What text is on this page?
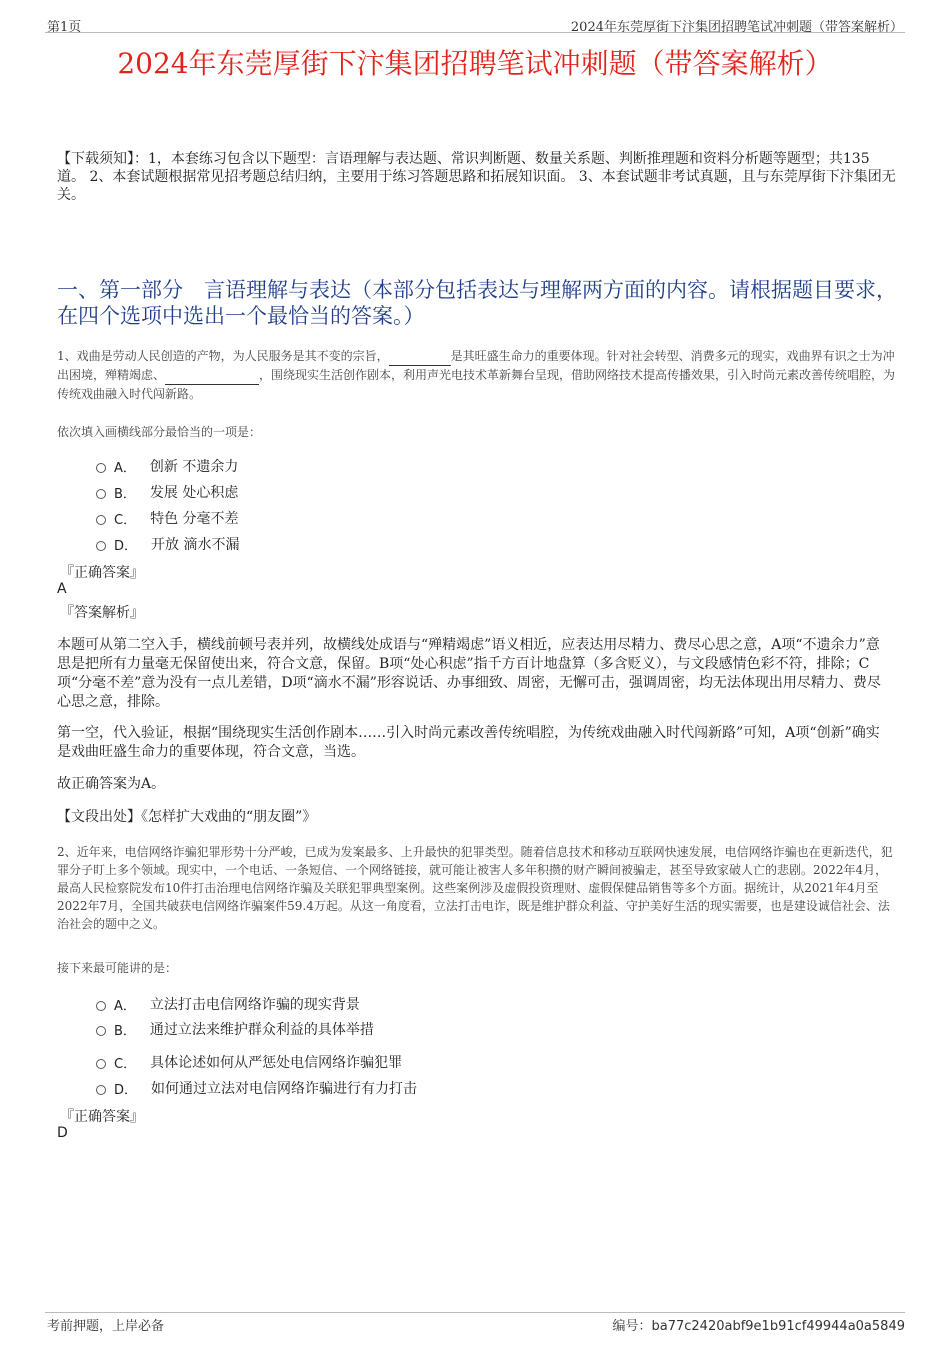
第1页	2024年东莞厚街下汴集团招聘笔试冲刺题（带答案解析）
2024年东莞厚街下汴集团招聘笔试冲刺题（带答案解析）
【下载须知】：1，本套练习包含以下题型：言语理解与表达题、常识判断题、数量关系题、判断推理题和资料分析题等题型；共135道。 2、本套试题根据常见招考题总结归纳，主要用于练习答题思路和拓展知识面。 3、本套试题非考试真题，且与东莞厚街下汴集团无关。
一、第一部分　言语理解与表达（本部分包括表达与理解两方面的内容。请根据题目要求，在四个选项中选出一个最恰当的答案。）
1、戏曲是劳动人民创造的产物，为人民服务是其不变的宗旨，	是其旺盛生命力的重要体现。针对社会转型、消费多元的现实，戏曲界有识之士为冲出困境，殚精竭虑、	，围绕现实生活创作剧本，利用声光电技术革新舞台呈现，借助网络技术提高传播效果，引入时尚元素改善传统唱腔，为传统戏曲融入时代闯新路。
依次填入画横线部分最恰当的一项是：
A． 创新 不遗余力
B． 发展 处心积虑
C． 特色 分毫不差
D． 开放 滴水不漏
『正确答案』
A
『答案解析』
本题可从第二空入手，横线前顿号表并列，故横线处成语与“殚精竭虑”语义相近，应表达用尽精力、费尽心思之意，A项“不遗余力”意思是把所有力量毫无保留使出来，符合文意，保留。B项“处心积虑”指千方百计地盘算（多含贬义），与文段感情色彩不符，排除；C项“分毫不差”意为没有一点儿差错，D项“滴水不漏”形容说话、办事细致、周密，无懈可击，强调周密，均无法体现出用尽精力、费尽心思之意，排除。
第一空，代入验证，根据“围绕现实生活创作剧本……引入时尚元素改善传统唱腔，为传统戏曲融入时代闯新路”可知，A项“创新”确实是戏曲旺盛生命力的重要体现，符合文意，当选。
故正确答案为A。
【文段出处】《怎样扩大戏曲的“朋友圈”》
2、近年来，电信网络诈骗犯罪形势十分严峻，已成为发案最多、上升最快的犯罪类型。随着信息技术和移动互联网快速发展，电信网络诈骗也在更新迭代，犯罪分子盯上多个领域。现实中，一个电话、一条短信、一个网络链接，就可能让被害人多年积攒的财产瞬间被骗走，甚至导致家破人亡的悲剧。2022年4月，最高人民检察院发布10件打击治理电信网络诈骗及关联犯罪典型案例。这些案例涉及虚假投资理财、虚假保健品销售等多个方面。据统计，从2021年4月至2022年7月，全国共破获电信网络诈骗案件59.4万起。从这一角度看，立法打击电诈，既是维护群众利益、守护美好生活的现实需要，也是建设诚信社会、法治社会的题中之义。
接下来最可能讲的是：
A． 立法打击电信网络诈骗的现实背景
B． 通过立法来维护群众利益的具体举措
C． 具体论述如何从严惩处电信网络诈骗犯罪
D． 如何通过立法对电信网络诈骗进行有力打击
『正确答案』
D
考前押题，上岸必备	编号：ba77c2420abf9e1b91cf49944a0a5849
